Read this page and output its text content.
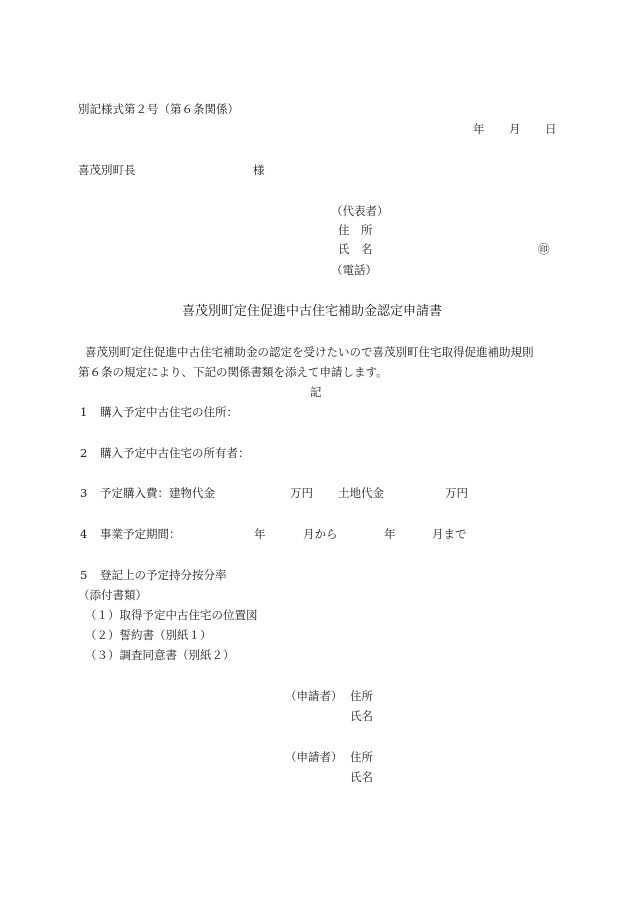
別記様式第２号（第６条関係）
年 月 日
喜茂別町長	様
（代表者）
住　所
氏　名	㊞
（電話）
喜茂別町定住促進中古住宅補助金認定申請書
喜茂別町定住促進中古住宅補助金の認定を受けたいので喜茂別町住宅取得促進補助規則
第６条の規定により、下記の関係書類を添えて申請します。
記
1 購入予定中古住宅の住所：
2 購入予定中古住宅の所有者：
3 予定購入費：建物代金	万円 土地代金	万円
4 事業予定期間：	年	月から	年	月まで
5 登記上の予定持分按分率
（添付書類）
（１）取得予定中古住宅の位置図
（２）誓約書（別紙１）
（３）調査同意書（別紙２）
（申請者） 住所
氏名
（申請者） 住所
氏名
